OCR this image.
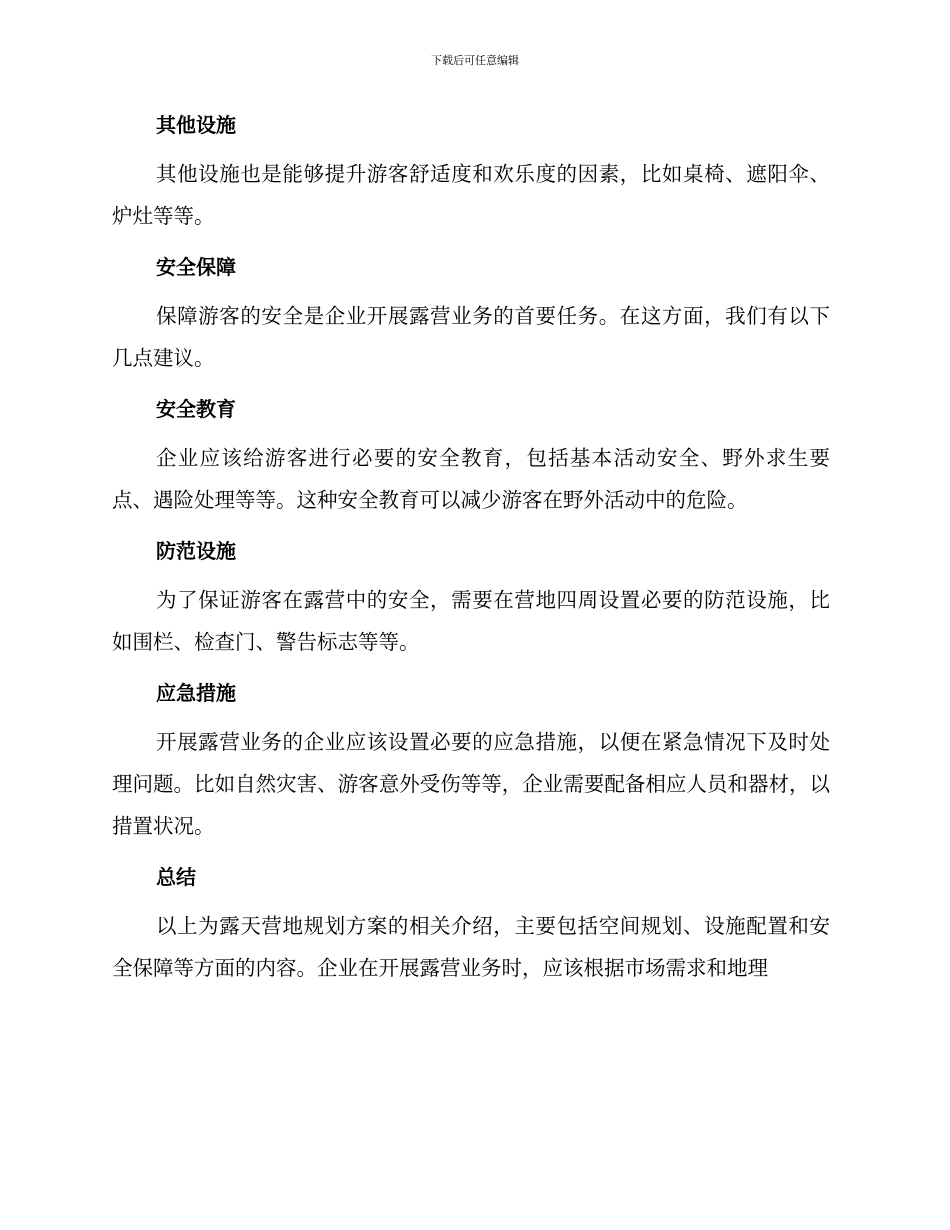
下载后可任意编辑
其他设施

其他设施也是能够提升游客舒适度和欢乐度的因素，比如桌椅、遮阳伞、炉灶等等。

安全保障

保障游客的安全是企业开展露营业务的首要任务。在这方面，我们有以下几点建议。

安全教育

企业应该给游客进行必要的安全教育，包括基本活动安全、野外求生要点、遇险处理等等。这种安全教育可以减少游客在野外活动中的危险。

防范设施

为了保证游客在露营中的安全，需要在营地四周设置必要的防范设施，比如围栏、检查门、警告标志等等。

应急措施

开展露营业务的企业应该设置必要的应急措施，以便在紧急情况下及时处理问题。比如自然灾害、游客意外受伤等等，企业需要配备相应人员和器材，以措置状况。

总结

以上为露天营地规划方案的相关介绍，主要包括空间规划、设施配置和安全保障等方面的内容。企业在开展露营业务时，应该根据市场需求和地理
